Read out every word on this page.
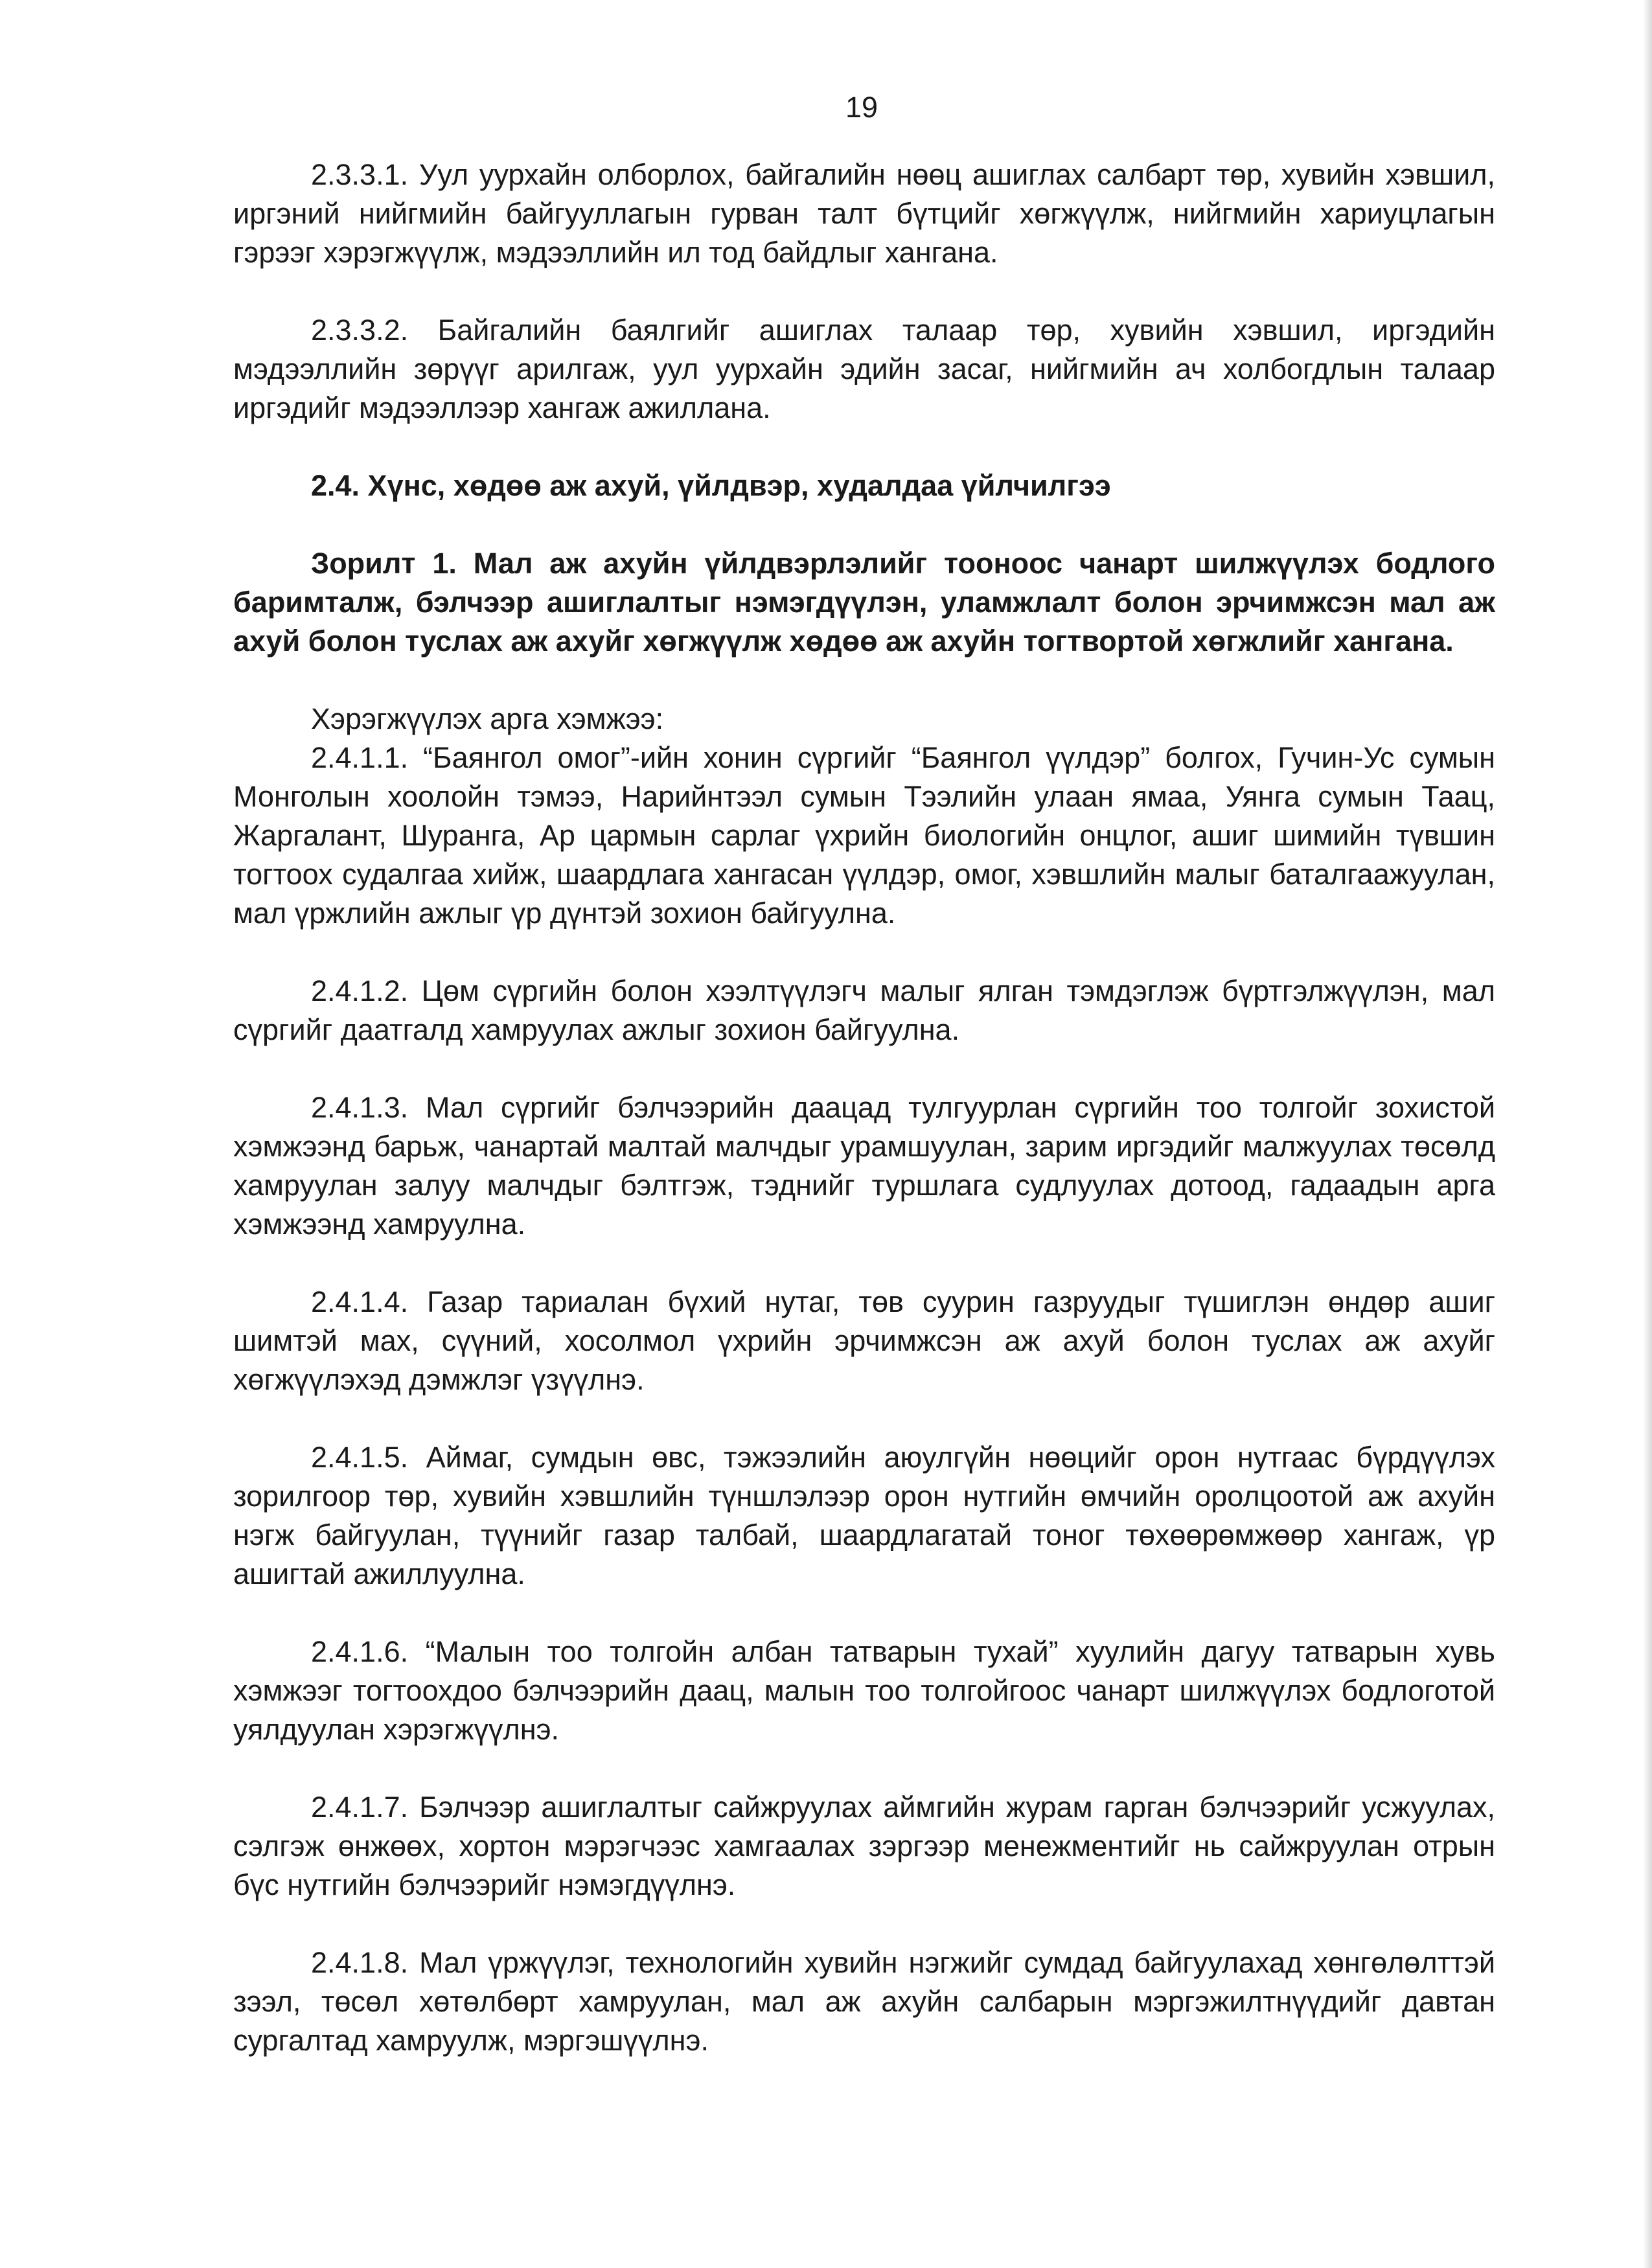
19

2.3.3.1. Уул уурхайн олборлох, байгалийн нөөц ашиглах салбарт төр, хувийн хэвшил, иргэний нийгмийн байгууллагын гурван талт бүтцийг хөгжүүлж, нийгмийн хариуцлагын гэрээг хэрэгжүүлж, мэдээллийн ил тод байдлыг хангана.

2.3.3.2. Байгалийн баялгийг ашиглах талаар төр, хувийн хэвшил, иргэдийн мэдээллийн зөрүүг арилгаж, уул уурхайн эдийн засаг, нийгмийн ач холбогдлын талаар иргэдийг мэдээллээр хангаж ажиллана.

2.4. Хүнс, хөдөө аж ахуй, үйлдвэр, худалдаа үйлчилгээ

Зорилт 1. Мал аж ахуйн үйлдвэрлэлийг тооноос чанарт шилжүүлэх бодлого баримталж, бэлчээр ашиглалтыг нэмэгдүүлэн, уламжлалт болон эрчимжсэн мал аж ахуй болон туслах аж ахуйг хөгжүүлж хөдөө аж ахуйн тогтвортой хөгжлийг хангана.

Хэрэгжүүлэх арга хэмжээ:

2.4.1.1. “Баянгол омог”-ийн хонин сүргийг “Баянгол үүлдэр” болгох, Гучин-Ус сумын Монголын хоолойн тэмээ, Нарийнтээл сумын Тээлийн улаан ямаа, Уянга сумын Таац, Жаргалант, Шуранга, Ар цармын сарлаг үхрийн биологийн онцлог, ашиг шимийн түвшин тогтоох судалгаа хийж, шаардлага хангасан үүлдэр, омог, хэвшлийн малыг баталгаажуулан, мал үржлийн ажлыг үр дүнтэй зохион байгуулна.

2.4.1.2. Цөм сүргийн болон хээлтүүлэгч малыг ялган тэмдэглэж бүртгэлжүүлэн, мал сүргийг даатгалд хамруулах ажлыг зохион байгуулна.

2.4.1.3. Мал сүргийг бэлчээрийн даацад тулгуурлан сүргийн тоо толгойг зохистой хэмжээнд барьж, чанартай малтай малчдыг урамшуулан, зарим иргэдийг малжуулах төсөлд хамруулан залуу малчдыг бэлтгэж, тэднийг туршлага судлуулах дотоод, гадаадын арга хэмжээнд хамруулна.

2.4.1.4. Газар тариалан бүхий нутаг, төв суурин газруудыг түшиглэн өндөр ашиг шимтэй мах, сүүний, хосолмол үхрийн эрчимжсэн аж ахуй болон туслах аж ахуйг хөгжүүлэхэд дэмжлэг үзүүлнэ.

2.4.1.5. Аймаг, сумдын өвс, тэжээлийн аюулгүйн нөөцийг орон нутгаас бүрдүүлэх зорилгоор төр, хувийн хэвшлийн түншлэлээр орон нутгийн өмчийн оролцоотой аж ахуйн нэгж байгуулан, түүнийг газар талбай, шаардлагатай тоног төхөөрөмжөөр хангаж, үр ашигтай ажиллуулна.

2.4.1.6. “Малын тоо толгойн албан татварын тухай” хуулийн дагуу татварын хувь хэмжээг тогтоохдоо бэлчээрийн даац, малын тоо толгойгоос чанарт шилжүүлэх бодлоготой уялдуулан хэрэгжүүлнэ.

2.4.1.7. Бэлчээр ашиглалтыг сайжруулах аймгийн журам гарган бэлчээрийг усжуулах, сэлгэж өнжөөх, хортон мэрэгчээс хамгаалах зэргээр менежментийг нь сайжруулан отрын бүс нутгийн бэлчээрийг нэмэгдүүлнэ.

2.4.1.8. Мал үржүүлэг, технологийн хувийн нэгжийг сумдад байгуулахад хөнгөлөлттэй зээл, төсөл хөтөлбөрт хамруулан, мал аж ахуйн салбарын мэргэжилтнүүдийг давтан сургалтад хамруулж, мэргэшүүлнэ.
